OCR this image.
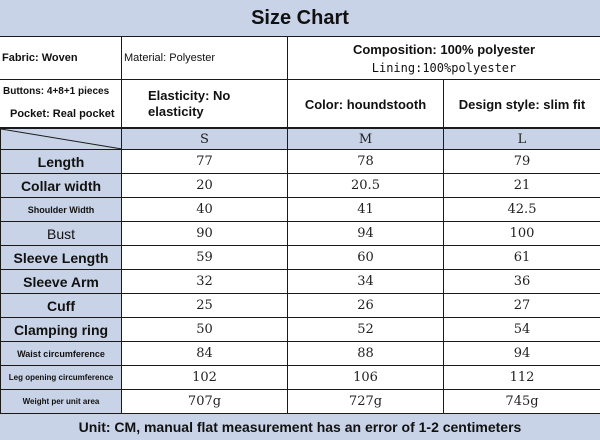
Size Chart
Fabric: Woven	Material: Polyester
Composition: 100% polyester
Lining:100%polyester
Buttons: 4+8+1 pieces
Pocket: Real pocket
Elasticity: No elasticity	Color: houndstooth	Design style: slim fit
	S	M	L
Length	77	78	79
Collar width	20	20.5	21
Shoulder Width	40	41	42.5
Bust	90	94	100
Sleeve Length	59	60	61
Sleeve Arm	32	34	36
Cuff	25	26	27
Clamping ring	50	52	54
Waist circumference	84	88	94
Leg opening circumference	102	106	112
Weight per unit area	707g	727g	745g
Unit: CM, manual flat measurement has an error of 1-2 centimeters
